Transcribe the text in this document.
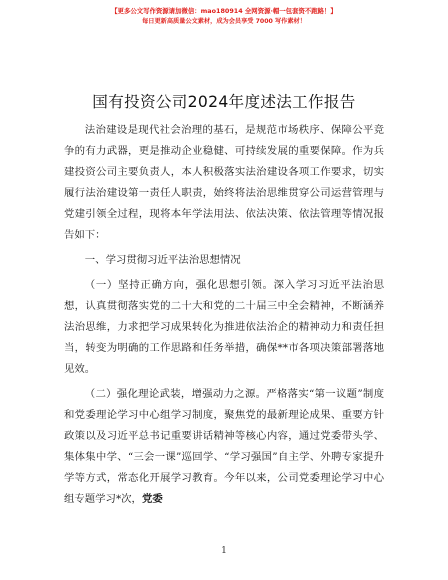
【更多公文写作资源请加微信：mao180914 全网资源·帽一包套资不跑路！】
每日更新高质量公文素材，成为会员享受 7000 写作素材！
国有投资公司2024年度述法工作报告

法治建设是现代社会治理的基石，是规范市场秩序、保障公平竞争的有力武器，更是推动企业稳健、可持续发展的重要保障。作为兵建投资公司主要负责人，本人积极落实法治建设各项工作要求，切实履行法治建设第一责任人职责，始终将法治思维贯穿公司运营管理与党建引领全过程，现将本年学法用法、依法决策、依法管理等情况报告如下：

一、学习贯彻习近平法治思想情况

（一）坚持正确方向，强化思想引领。深入学习习近平法治思想，认真贯彻落实党的二十大和党的二十届三中全会精神，不断涵养法治思维，力求把学习成果转化为推进依法治企的精神动力和责任担当，转变为明确的工作思路和任务举措，确保**市各项决策部署落地见效。

（二）强化理论武装，增强动力之源。严格落实“第一议题”制度和党委理论学习中心组学习制度，聚焦党的最新理论成果、重要方针政策以及习近平总书记重要讲话精神等核心内容，通过党委带头学、集体集中学、“三会一课”巡回学、“学习强国”自主学、外聘专家提升学等方式，常态化开展学习教育。今年以来，公司党委理论学习中心组专题学习*次，党委

1
